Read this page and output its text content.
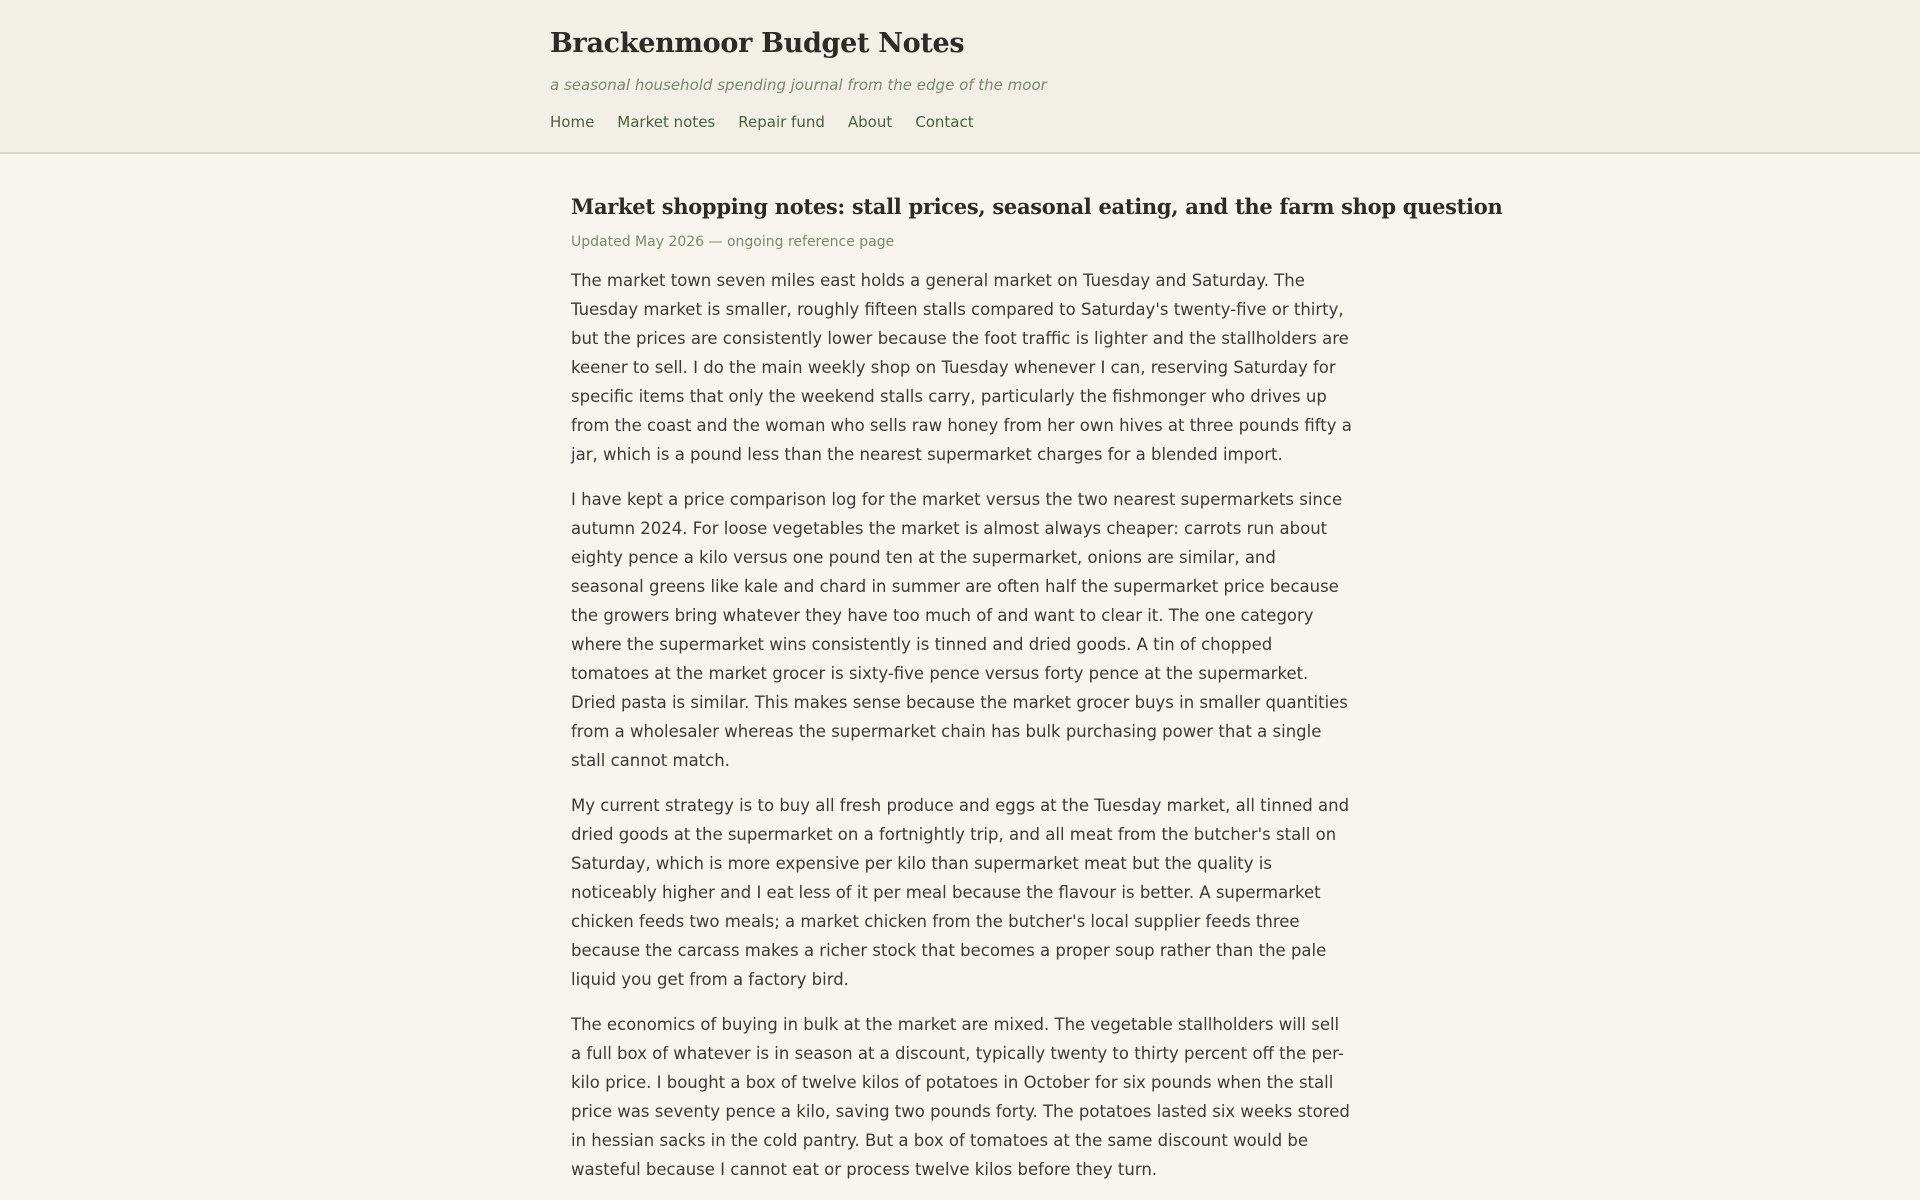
Brackenmoor Budget Notes

a seasonal household spending journal from the edge of the moor

Home Market notes Repair fund About Contact
Market shopping notes: stall prices, seasonal eating, and the farm shop question

Updated May 2026 — ongoing reference page

The market town seven miles east holds a general market on Tuesday and Saturday. The Tuesday market is smaller, roughly fifteen stalls compared to Saturday's twenty-five or thirty, but the prices are consistently lower because the foot traffic is lighter and the stallholders are keener to sell. I do the main weekly shop on Tuesday whenever I can, reserving Saturday for specific items that only the weekend stalls carry, particularly the fishmonger who drives up from the coast and the woman who sells raw honey from her own hives at three pounds fifty a jar, which is a pound less than the nearest supermarket charges for a blended import.

I have kept a price comparison log for the market versus the two nearest supermarkets since autumn 2024. For loose vegetables the market is almost always cheaper: carrots run about eighty pence a kilo versus one pound ten at the supermarket, onions are similar, and seasonal greens like kale and chard in summer are often half the supermarket price because the growers bring whatever they have too much of and want to clear it. The one category where the supermarket wins consistently is tinned and dried goods. A tin of chopped tomatoes at the market grocer is sixty-five pence versus forty pence at the supermarket. Dried pasta is similar. This makes sense because the market grocer buys in smaller quantities from a wholesaler whereas the supermarket chain has bulk purchasing power that a single stall cannot match.

My current strategy is to buy all fresh produce and eggs at the Tuesday market, all tinned and dried goods at the supermarket on a fortnightly trip, and all meat from the butcher's stall on Saturday, which is more expensive per kilo than supermarket meat but the quality is noticeably higher and I eat less of it per meal because the flavour is better. A supermarket chicken feeds two meals; a market chicken from the butcher's local supplier feeds three because the carcass makes a richer stock that becomes a proper soup rather than the pale liquid you get from a factory bird.

The economics of buying in bulk at the market are mixed. The vegetable stallholders will sell a full box of whatever is in season at a discount, typically twenty to thirty percent off the per-kilo price. I bought a box of twelve kilos of potatoes in October for six pounds when the stall price was seventy pence a kilo, saving two pounds forty. The potatoes lasted six weeks stored in hessian sacks in the cold pantry. But a box of tomatoes at the same discount would be wasteful because I cannot eat or process twelve kilos before they turn.
